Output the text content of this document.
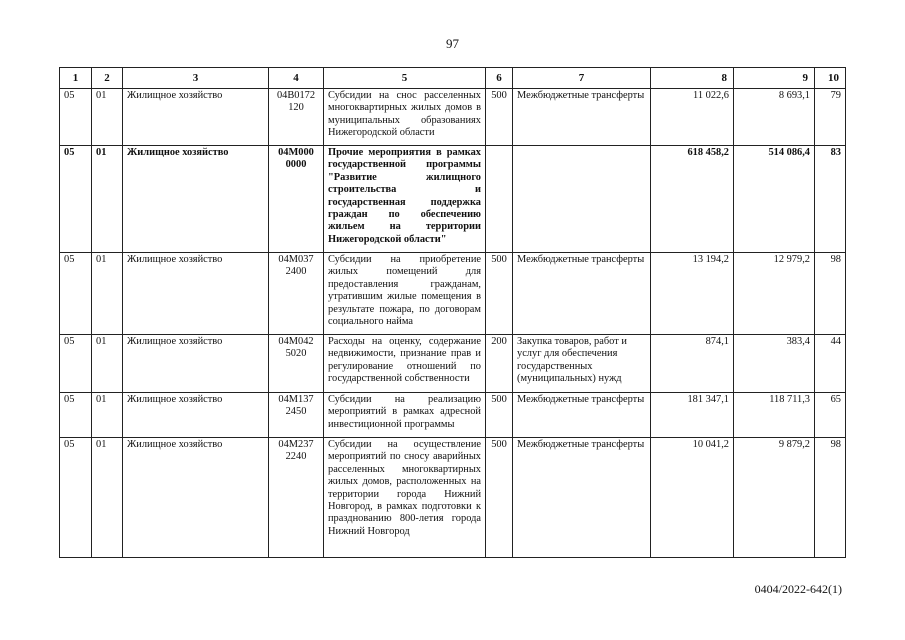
97
1	2	3	4	5	6	7	8	9	10
05	01	Жилищное хозяйство	04В0172 120	Субсидии на снос расселенных многоквартирных жилых домов в муниципальных образованиях Нижегородской области	500	Межбюджетные трансферты	11 022,6	8 693,1	79
05	01	Жилищное хозяйство	04М000 0000	Прочие мероприятия в рамках государственной программы "Развитие жилищного строительства и государственная поддержка граждан по обеспечению жильем на территории Нижегородской области"			618 458,2	514 086,4	83
05	01	Жилищное хозяйство	04М037 2400	Субсидии на приобретение жилых помещений для предоставления гражданам, утратившим жилые помещения в результате пожара, по договорам социального найма	500	Межбюджетные трансферты	13 194,2	12 979,2	98
05	01	Жилищное хозяйство	04М042 5020	Расходы на оценку, содержание недвижимости, признание прав и регулирование отношений по государственной собственности	200	Закупка товаров, работ и услуг для обеспечения государственных (муниципальных) нужд	874,1	383,4	44
05	01	Жилищное хозяйство	04М137 2450	Субсидии на реализацию мероприятий в рамках адресной инвестиционной программы	500	Межбюджетные трансферты	181 347,1	118 711,3	65
05	01	Жилищное хозяйство	04М237 2240	Субсидии на осуществление мероприятий по сносу аварийных расселенных многоквартирных жилых домов, расположенных на территории города Нижний Новгород, в рамках подготовки к празднованию 800-летия города Нижний Новгород	500	Межбюджетные трансферты	10 041,2	9 879,2	98
0404/2022-642(1)
